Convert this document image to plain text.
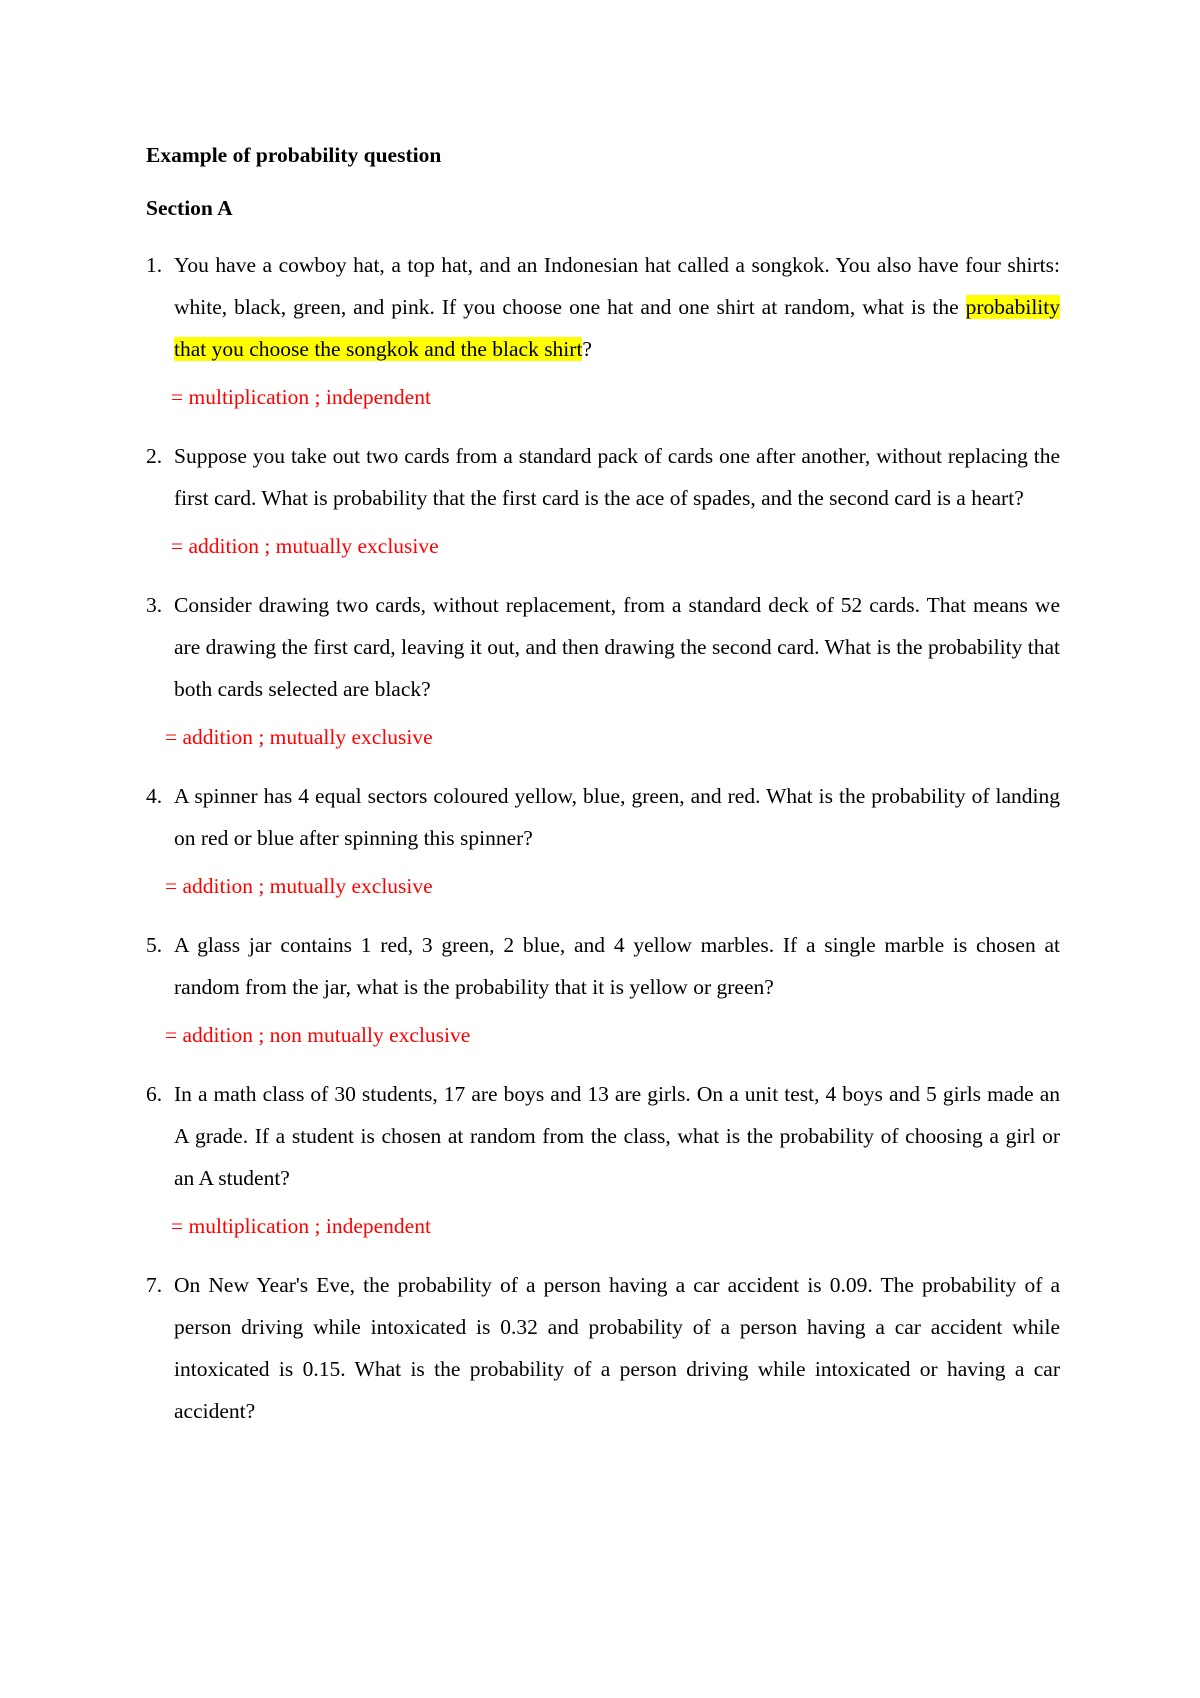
Example of probability question
Section A
1. You have a cowboy hat, a top hat, and an Indonesian hat called a songkok. You also have four shirts: white, black, green, and pink. If you choose one hat and one shirt at random, what is the probability that you choose the songkok and the black shirt?
= multiplication ; independent
2. Suppose you take out two cards from a standard pack of cards one after another, without replacing the first card. What is probability that the first card is the ace of spades, and the second card is a heart?
= addition ; mutually exclusive
3. Consider drawing two cards, without replacement, from a standard deck of 52 cards. That means we are drawing the first card, leaving it out, and then drawing the second card. What is the probability that both cards selected are black?
= addition ; mutually exclusive
4. A spinner has 4 equal sectors coloured yellow, blue, green, and red. What is the probability of landing on red or blue after spinning this spinner?
= addition ; mutually exclusive
5. A glass jar contains 1 red, 3 green, 2 blue, and 4 yellow marbles. If a single marble is chosen at random from the jar, what is the probability that it is yellow or green?
= addition ; non mutually exclusive
6. In a math class of 30 students, 17 are boys and 13 are girls. On a unit test, 4 boys and 5 girls made an A grade. If a student is chosen at random from the class, what is the probability of choosing a girl or an A student?
= multiplication ; independent
7. On New Year's Eve, the probability of a person having a car accident is 0.09. The probability of a person driving while intoxicated is 0.32 and probability of a person having a car accident while intoxicated is 0.15. What is the probability of a person driving while intoxicated or having a car accident?
